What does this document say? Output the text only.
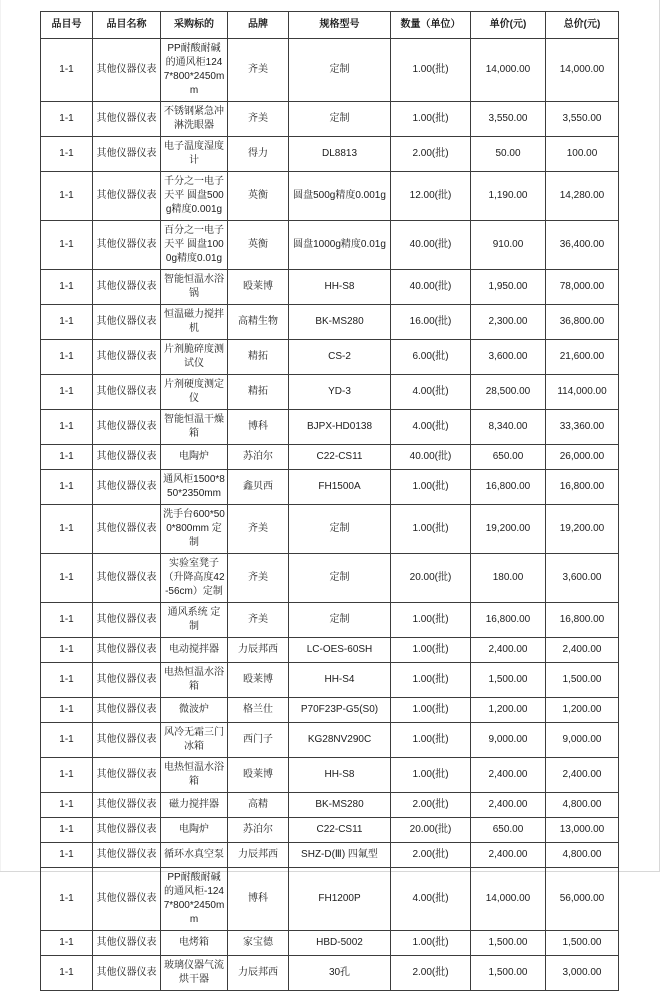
品目号	品目名称	采购标的	品牌	规格型号	数量（单位）	单价(元)	总价(元)
1-1	其他仪器仪表	PP耐酸耐碱的通风柜1247*800*2450mm	齐美	定制	1.00(批)	14,000.00	14,000.00
1-1	其他仪器仪表	不锈钢紧急冲淋洗眼器	齐美	定制	1.00(批)	3,550.00	3,550.00
1-1	其他仪器仪表	电子温度湿度计	得力	DL8813	2.00(批)	50.00	100.00
1-1	其他仪器仪表	千分之一电子天平 圆盘500g精度0.001g	英衡	圆盘500g精度0.001g	12.00(批)	1,190.00	14,280.00
1-1	其他仪器仪表	百分之一电子天平 圆盘1000g精度0.01g	英衡	圆盘1000g精度0.01g	40.00(批)	910.00	36,400.00
1-1	其他仪器仪表	智能恒温水浴锅	殴莱博	HH-S8	40.00(批)	1,950.00	78,000.00
1-1	其他仪器仪表	恒温磁力搅拌机	高精生物	BK-MS280	16.00(批)	2,300.00	36,800.00
1-1	其他仪器仪表	片剂脆碎度测试仪	精拓	CS-2	6.00(批)	3,600.00	21,600.00
1-1	其他仪器仪表	片剂硬度测定仪	精拓	YD-3	4.00(批)	28,500.00	114,000.00
1-1	其他仪器仪表	智能恒温干燥箱	博科	BJPX-HD0138	4.00(批)	8,340.00	33,360.00
1-1	其他仪器仪表	电陶炉	苏泊尔	C22-CS11	40.00(批)	650.00	26,000.00
1-1	其他仪器仪表	通风柜1500*850*2350mm	鑫贝西	FH1500A	1.00(批)	16,800.00	16,800.00
1-1	其他仪器仪表	洗手台600*500*800mm 定制	齐美	定制	1.00(批)	19,200.00	19,200.00
1-1	其他仪器仪表	实验室凳子（升降高度42-56cm）定制	齐美	定制	20.00(批)	180.00	3,600.00
1-1	其他仪器仪表	通风系统 定制	齐美	定制	1.00(批)	16,800.00	16,800.00
1-1	其他仪器仪表	电动搅拌器	力辰邦西	LC-OES-60SH	1.00(批)	2,400.00	2,400.00
1-1	其他仪器仪表	电热恒温水浴箱	殴莱博	HH-S4	1.00(批)	1,500.00	1,500.00
1-1	其他仪器仪表	微波炉	格兰仕	P70F23P-G5(S0)	1.00(批)	1,200.00	1,200.00
1-1	其他仪器仪表	风冷无霜三门冰箱	西门子	KG28NV290C	1.00(批)	9,000.00	9,000.00
1-1	其他仪器仪表	电热恒温水浴箱	殴莱博	HH-S8	1.00(批)	2,400.00	2,400.00
1-1	其他仪器仪表	磁力搅拌器	高精	BK-MS280	2.00(批)	2,400.00	4,800.00
1-1	其他仪器仪表	电陶炉	苏泊尔	C22-CS11	20.00(批)	650.00	13,000.00
1-1	其他仪器仪表	循环水真空泵	力辰邦西	SHZ-D(Ⅲ) 四氟型	2.00(批)	2,400.00	4,800.00
1-1	其他仪器仪表	PP耐酸耐碱的通风柜-1247*800*2450mm	博科	FH1200P	4.00(批)	14,000.00	56,000.00
1-1	其他仪器仪表	电烤箱	家宝德	HBD-5002	1.00(批)	1,500.00	1,500.00
1-1	其他仪器仪表	玻璃仪器气流烘干器	力辰邦西	30孔	2.00(批)	1,500.00	3,000.00
